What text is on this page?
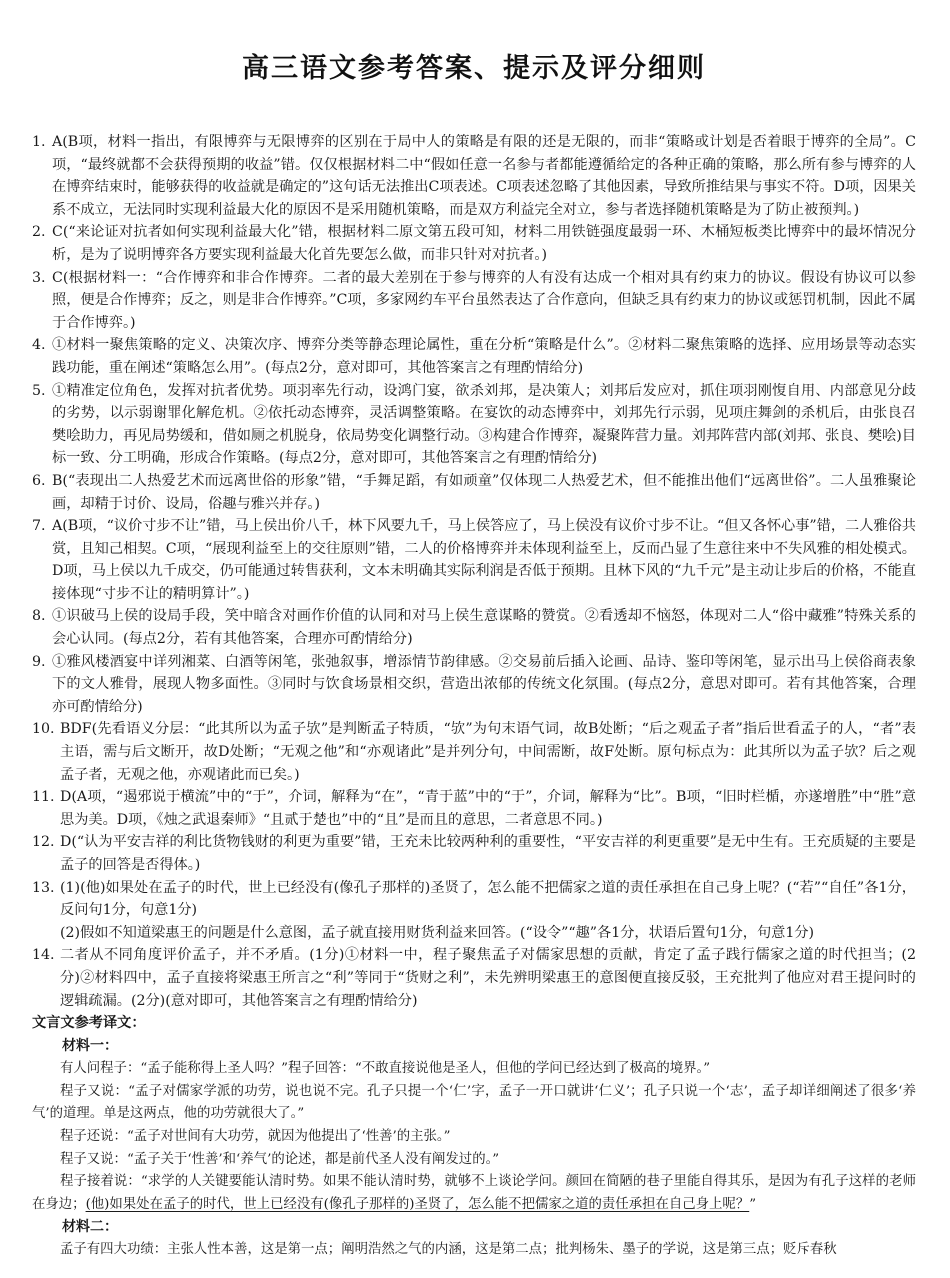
高三语文参考答案、提示及评分细则
1. A(B项，材料一指出，有限博弈与无限博弈的区别在于局中人的策略是有限的还是无限的，而非“策略或计划是否着眼于博弈的全局”。C项，“最终就都不会获得预期的收益”错。仅仅根据材料二中“假如任意一名参与者都能遵循给定的各种正确的策略，那么所有参与博弈的人在博弈结束时，能够获得的收益就是确定的”这句话无法推出C项表述。C项表述忽略了其他因素，导致所推结果与事实不符。D项，因果关系不成立，无法同时实现利益最大化的原因不是采用随机策略，而是双方利益完全对立，参与者选择随机策略是为了防止被预判。)
2. C(“来论证对抗者如何实现利益最大化”错，根据材料二原文第五段可知，材料二用铁链强度最弱一环、木桶短板类比博弈中的最坏情况分析，是为了说明博弈各方要实现利益最大化首先要怎么做，而非只针对对抗者。)
3. C(根据材料一：“合作博弈和非合作博弈。二者的最大差别在于参与博弈的人有没有达成一个相对具有约束力的协议。假设有协议可以参照，便是合作博弈；反之，则是非合作博弈。”C项，多家网约车平台虽然表达了合作意向，但缺乏具有约束力的协议或惩罚机制，因此不属于合作博弈。)
4. ①材料一聚焦策略的定义、决策次序、博弈分类等静态理论属性，重在分析“策略是什么”。②材料二聚焦策略的选择、应用场景等动态实践功能，重在阐述“策略怎么用”。(每点2分，意对即可，其他答案言之有理酌情给分)
5. ①精准定位角色，发挥对抗者优势。项羽率先行动，设鸿门宴，欲杀刘邦，是决策人；刘邦后发应对，抓住项羽刚愎自用、内部意见分歧的劣势，以示弱谢罪化解危机。②依托动态博弈，灵活调整策略。在宴饮的动态博弈中，刘邦先行示弱，见项庄舞剑的杀机后，由张良召樊哙助力，再见局势缓和，借如厕之机脱身，依局势变化调整行动。③构建合作博弈，凝聚阵营力量。刘邦阵营内部(刘邦、张良、樊哙)目标一致、分工明确，形成合作策略。(每点2分，意对即可，其他答案言之有理酌情给分)
6. B(“表现出二人热爱艺术而远离世俗的形象”错，“手舞足蹈，有如顽童”仅体现二人热爱艺术，但不能推出他们“远离世俗”。二人虽雅聚论画，却精于讨价、设局，俗趣与雅兴并存。)
7. A(B项，“议价寸步不让”错，马上侯出价八千，林下风要九千，马上侯答应了，马上侯没有议价寸步不让。“但又各怀心事”错，二人雅俗共赏，且知己相契。C项，“展现利益至上的交往原则”错，二人的价格博弈并未体现利益至上，反而凸显了生意往来中不失风雅的相处模式。D项，马上侯以九千成交，仍可能通过转售获利，文本未明确其实际利润是否低于预期。且林下风的“九千元”是主动让步后的价格，不能直接体现“寸步不让的精明算计”。)
8. ①识破马上侯的设局手段，笑中暗含对画作价值的认同和对马上侯生意谋略的赞赏。②看透却不恼怒，体现对二人“俗中藏雅”特殊关系的会心认同。(每点2分，若有其他答案，合理亦可酌情给分)
9. ①雅风楼酒宴中详列湘菜、白酒等闲笔，张弛叙事，增添情节韵律感。②交易前后插入论画、品诗、鉴印等闲笔，显示出马上侯俗商表象下的文人雅骨，展现人物多面性。③同时与饮食场景相交织，营造出浓郁的传统文化氛围。(每点2分，意思对即可。若有其他答案，合理亦可酌情给分)
10. BDF(先看语义分层：“此其所以为孟子欤”是判断孟子特质，“欤”为句末语气词，故B处断；“后之观孟子者”指后世看孟子的人，“者”表主语，需与后文断开，故D处断；“无观之他”和“亦观诸此”是并列分句，中间需断，故F处断。原句标点为：此其所以为孟子欤？后之观孟子者，无观之他，亦观诸此而已矣。)
11. D(A项，“遏邪说于横流”中的“于”，介词，解释为“在”，“青于蓝”中的“于”，介词，解释为“比”。B项，“旧时栏楯，亦遂增胜”中“胜”意思为美。D项，《烛之武退秦师》“且贰于楚也”中的“且”是而且的意思，二者意思不同。)
12. D(“认为平安吉祥的利比货物钱财的利更为重要”错，王充未比较两种利的重要性，“平安吉祥的利更重要”是无中生有。王充质疑的主要是孟子的回答是否得体。)
13. (1)(他)如果处在孟子的时代，世上已经没有(像孔子那样的)圣贤了，怎么能不把儒家之道的责任承担在自己身上呢？(“若”“自任”各1分，反问句1分，句意1分)
(2)假如不知道梁惠王的问题是什么意图，孟子就直接用财货利益来回答。(“设令”“趣”各1分，状语后置句1分，句意1分)
14. 二者从不同角度评价孟子，并不矛盾。(1分)①材料一中，程子聚焦孟子对儒家思想的贡献，肯定了孟子践行儒家之道的时代担当；(2分)②材料四中，孟子直接将梁惠王所言之“利”等同于“货财之利”，未先辨明梁惠王的意图便直接反驳，王充批判了他应对君王提问时的逻辑疏漏。(2分)(意对即可，其他答案言之有理酌情给分)
文言文参考译文：
材料一：

有人问程子：“孟子能称得上圣人吗？”程子回答：“不敢直接说他是圣人，但他的学问已经达到了极高的境界。”

程子又说：“孟子对儒家学派的功劳，说也说不完。孔子只提一个‘仁’字，孟子一开口就讲‘仁义’；孔子只说一个‘志’，孟子却详细阐述了很多‘养气’的道理。单是这两点，他的功劳就很大了。”

程子还说：“孟子对世间有大功劳，就因为他提出了‘性善’的主张。”

程子又说：“孟子关于‘性善’和‘养气’的论述，都是前代圣人没有阐发过的。”

程子接着说：“求学的人关键要能认清时势。如果不能认清时势，就够不上谈论学问。颜回在简陋的巷子里能自得其乐，是因为有孔子这样的老师在身边；(他)如果处在孟子的时代，世上已经没有(像孔子那样的)圣贤了，怎么能不把儒家之道的责任承担在自己身上呢？”

材料二：

孟子有四大功绩：主张人性本善，这是第一点；阐明浩然之气的内涵，这是第二点；批判杨朱、墨子的学说，这是第三点；贬斥春秋
